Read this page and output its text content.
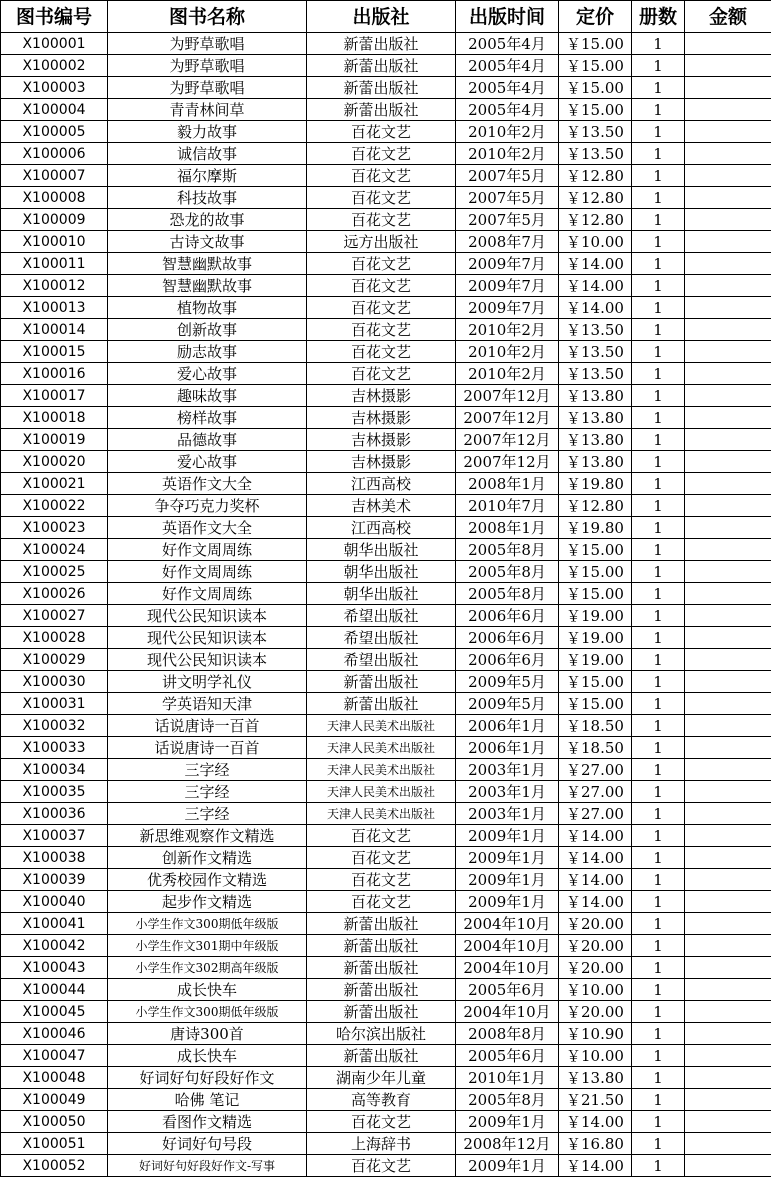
图书编号	图书名称	出版社	出版时间	定价	册数	金额
X100001	为野草歌唱	新蕾出版社	2005年4月	￥15.00	1	
X100002	为野草歌唱	新蕾出版社	2005年4月	￥15.00	1	
X100003	为野草歌唱	新蕾出版社	2005年4月	￥15.00	1	
X100004	青青林间草	新蕾出版社	2005年4月	￥15.00	1	
X100005	毅力故事	百花文艺	2010年2月	￥13.50	1	
X100006	诚信故事	百花文艺	2010年2月	￥13.50	1	
X100007	福尔摩斯	百花文艺	2007年5月	￥12.80	1	
X100008	科技故事	百花文艺	2007年5月	￥12.80	1	
X100009	恐龙的故事	百花文艺	2007年5月	￥12.80	1	
X100010	古诗文故事	远方出版社	2008年7月	￥10.00	1	
X100011	智慧幽默故事	百花文艺	2009年7月	￥14.00	1	
X100012	智慧幽默故事	百花文艺	2009年7月	￥14.00	1	
X100013	植物故事	百花文艺	2009年7月	￥14.00	1	
X100014	创新故事	百花文艺	2010年2月	￥13.50	1	
X100015	励志故事	百花文艺	2010年2月	￥13.50	1	
X100016	爱心故事	百花文艺	2010年2月	￥13.50	1	
X100017	趣味故事	吉林摄影	2007年12月	￥13.80	1	
X100018	榜样故事	吉林摄影	2007年12月	￥13.80	1	
X100019	品德故事	吉林摄影	2007年12月	￥13.80	1	
X100020	爱心故事	吉林摄影	2007年12月	￥13.80	1	
X100021	英语作文大全	江西高校	2008年1月	￥19.80	1	
X100022	争夺巧克力奖杯	吉林美术	2010年7月	￥12.80	1	
X100023	英语作文大全	江西高校	2008年1月	￥19.80	1	
X100024	好作文周周练	朝华出版社	2005年8月	￥15.00	1	
X100025	好作文周周练	朝华出版社	2005年8月	￥15.00	1	
X100026	好作文周周练	朝华出版社	2005年8月	￥15.00	1	
X100027	现代公民知识读本	希望出版社	2006年6月	￥19.00	1	
X100028	现代公民知识读本	希望出版社	2006年6月	￥19.00	1	
X100029	现代公民知识读本	希望出版社	2006年6月	￥19.00	1	
X100030	讲文明学礼仪	新蕾出版社	2009年5月	￥15.00	1	
X100031	学英语知天津	新蕾出版社	2009年5月	￥15.00	1	
X100032	话说唐诗一百首	天津人民美术出版社	2006年1月	￥18.50	1	
X100033	话说唐诗一百首	天津人民美术出版社	2006年1月	￥18.50	1	
X100034	三字经	天津人民美术出版社	2003年1月	￥27.00	1	
X100035	三字经	天津人民美术出版社	2003年1月	￥27.00	1	
X100036	三字经	天津人民美术出版社	2003年1月	￥27.00	1	
X100037	新思维观察作文精选	百花文艺	2009年1月	￥14.00	1	
X100038	创新作文精选	百花文艺	2009年1月	￥14.00	1	
X100039	优秀校园作文精选	百花文艺	2009年1月	￥14.00	1	
X100040	起步作文精选	百花文艺	2009年1月	￥14.00	1	
X100041	小学生作文300期低年级版	新蕾出版社	2004年10月	￥20.00	1	
X100042	小学生作文301期中年级版	新蕾出版社	2004年10月	￥20.00	1	
X100043	小学生作文302期高年级版	新蕾出版社	2004年10月	￥20.00	1	
X100044	成长快车	新蕾出版社	2005年6月	￥10.00	1	
X100045	小学生作文300期低年级版	新蕾出版社	2004年10月	￥20.00	1	
X100046	唐诗300首	哈尔滨出版社	2008年8月	￥10.90	1	
X100047	成长快车	新蕾出版社	2005年6月	￥10.00	1	
X100048	好词好句好段好作文	湖南少年儿童	2010年1月	￥13.80	1	
X100049	哈佛 笔记	高等教育	2005年8月	￥21.50	1	
X100050	看图作文精选	百花文艺	2009年1月	￥14.00	1	
X100051	好词好句号段	上海辞书	2008年12月	￥16.80	1	
X100052	好词好句好段好作文-写事	百花文艺	2009年1月	￥14.00	1	
